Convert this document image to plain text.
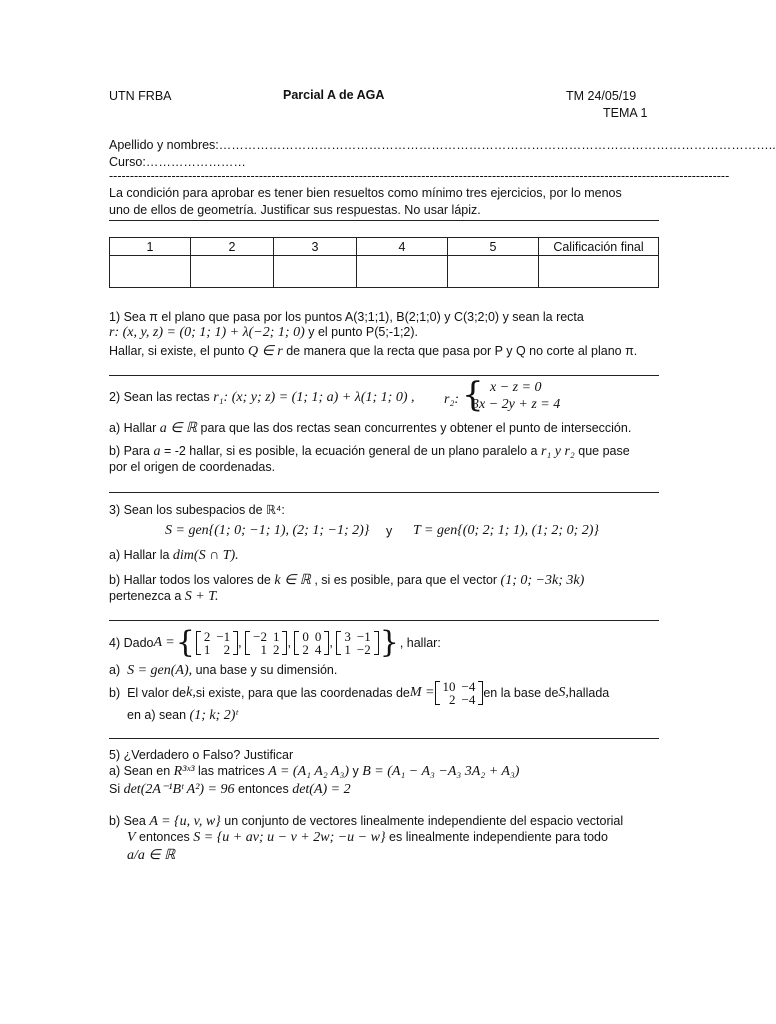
UTN FRBA	Parcial A de AGA	TM 24/05/19
TEMA 1
Apellido y nombres:……………………………………………………………………………………………………………………..
Curso:……………………
-----------------------------------------------------------------------------------------------------------------------------------------------------
La condición para aprobar es tener bien resueltos como mínimo tres ejercicios, por lo menos
uno de ellos de geometría. Justificar sus respuestas. No usar lápiz.
1	2	3	4	5	Calificación final

1) Sea π el plano que pasa por los puntos A(3;1;1), B(2;1;0) y C(3;2;0) y sean la recta
r: (x, y, z) = (0; 1; 1) + λ(−2; 1; 0) y el punto P(5;-1;2).
Hallar, si existe, el punto Q ∈ r de manera que la recta que pasa por P y Q no corte al plano π.
2) Sean las rectas r₁: (x; y; z) = (1; 1; a) + λ(1; 1; 0) , r₂: { x − z = 0
3x − 2y + z = 4
a) Hallar a ∈ ℝ para que las dos rectas sean concurrentes y obtener el punto de intersección.
b) Para a = -2 hallar, si es posible, la ecuación general de un plano paralelo a r₁ y r₂ que pase
por el origen de coordenadas.
3) Sean los subespacios de ℝ⁴:
S = gen{(1; 0; −1; 1), (2; 1; −1; 2)} y T = gen{(0; 2; 1; 1), (1; 2; 0; 2)}
a) Hallar la dim(S ∩ T).
b) Hallar todos los valores de k ∈ ℝ , si es posible, para que el vector (1; 0; −3k; 3k)
pertenezca a S + T.
4) Dado A = { 2	−1
1	2 , −2	1
1	2 , 0	0
2	4 , 3	−1
1	−2 } , hallar:
a) S = gen(A), una base y su dimensión.
b)
El valor de k, si existe, para que las coordenadas de M = 10	−4
2	−4 en la base de S, hallada
en a) sean (1; k; 2)ᵗ
5) ¿Verdadero o Falso? Justificar
a) Sean en R³ˣ³ las matrices A = (A₁ A₂ A₃) y B = (A₁ − A₃ −A₃ 3A₂ + A₃)
Si det(2A⁻¹Bᵗ A²) = 96 entonces det(A) = 2
b) Sea A = {u, v, w} un conjunto de vectores linealmente independiente del espacio vectorial
V entonces S = {u + av; u − v + 2w; −u − w} es linealmente independiente para todo
a/a ∈ ℝ
